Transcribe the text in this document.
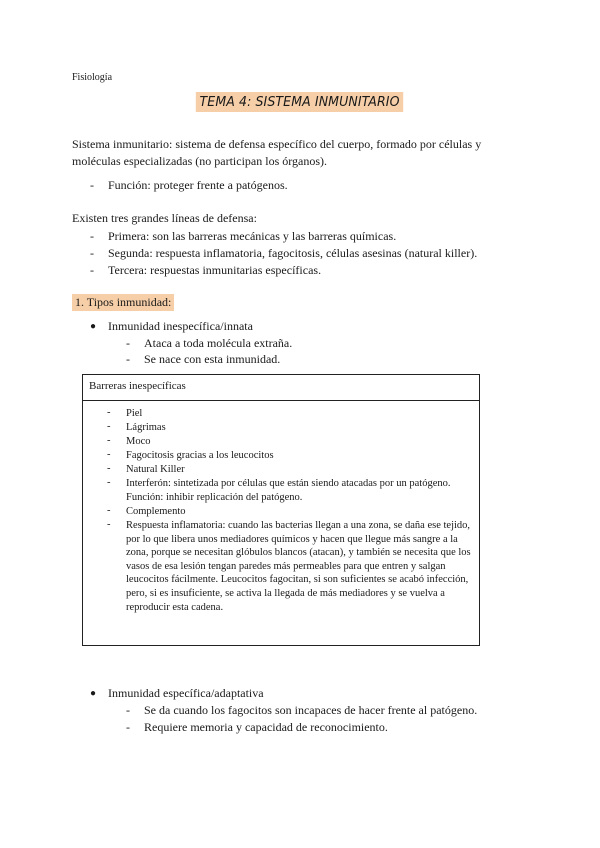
Fisiología
TEMA 4: SISTEMA INMUNITARIO
Sistema inmunitario: sistema de defensa específico del cuerpo, formado por células y
moléculas especializadas (no participan los órganos).
- Función: proteger frente a patógenos.
Existen tres grandes líneas de defensa:
- Primera: son las barreras mecánicas y las barreras químicas.
- Segunda: respuesta inflamatoria, fagocitosis, células asesinas (natural killer).
- Tercera: respuestas inmunitarias específicas.
1. Tipos inmunidad:
● Inmunidad inespecífica/innata
- Ataca a toda molécula extraña.
- Se nace con esta inmunidad.
Barreras inespecíficas
- Piel
- Lágrimas
- Moco
- Fagocitosis gracias a los leucocitos
- Natural Killer
- Interferón: sintetizada por células que están siendo atacadas por un patógeno. Función: inhibir replicación del patógeno.
- Complemento
- Respuesta inflamatoria: cuando las bacterias llegan a una zona, se daña ese tejido, por lo que libera unos mediadores químicos y hacen que llegue más sangre a la zona, porque se necesitan glóbulos blancos (atacan), y también se necesita que los vasos de esa lesión tengan paredes más permeables para que entren y salgan leucocitos fácilmente. Leucocitos fagocitan, si son suficientes se acabó infección, pero, si es insuficiente, se activa la llegada de más mediadores y se vuelva a reproducir esta cadena.
● Inmunidad específica/adaptativa
- Se da cuando los fagocitos son incapaces de hacer frente al patógeno.
- Requiere memoria y capacidad de reconocimiento.
